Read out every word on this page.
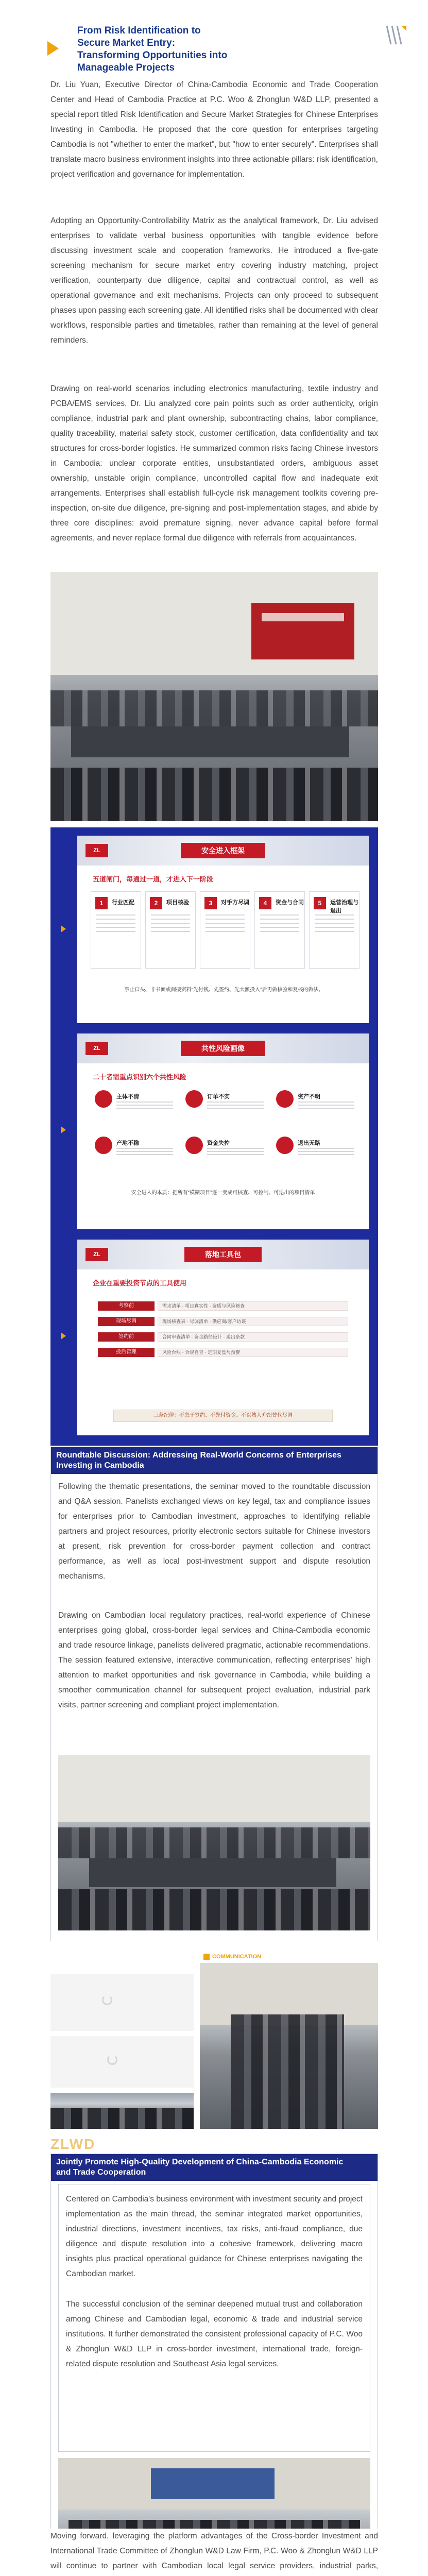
From Risk Identification to
Secure Market Entry:
Transforming Opportunities into
Manageable Projects
Dr. Liu Yuan, Executive Director of China-Cambodia Economic and Trade Cooperation Center and Head of Cambodia Practice at P.C. Woo & Zhonglun W&D LLP, presented a special report titled Risk Identification and Secure Market Strategies for Chinese Enterprises Investing in Cambodia. He proposed that the core question for enterprises targeting Cambodia is not "whether to enter the market", but "how to enter securely". Enterprises shall translate macro business environment insights into three actionable pillars: risk identification, project verification and governance for implementation.
Adopting an Opportunity-Controllability Matrix as the analytical framework, Dr. Liu advised enterprises to validate verbal business opportunities with tangible evidence before discussing investment scale and cooperation frameworks. He introduced a five-gate screening mechanism for secure market entry covering industry matching, project verification, counterparty due diligence, capital and contractual control, as well as operational governance and exit mechanisms. Projects can only proceed to subsequent phases upon passing each screening gate. All identified risks shall be documented with clear workflows, responsible parties and timetables, rather than remaining at the level of general reminders.
Drawing on real-world scenarios including electronics manufacturing, textile industry and PCBA/EMS services, Dr. Liu analyzed core pain points such as order authenticity, origin compliance, industrial park and plant ownership, subcontracting chains, labor compliance, quality traceability, material safety stock, customer certification, data confidentiality and tax structures for cross-border logistics. He summarized common risks facing Chinese investors in Cambodia: unclear corporate entities, unsubstantiated orders, ambiguous asset ownership, unstable origin compliance, uncontrolled capital flow and inadequate exit arrangements. Enterprises shall establish full-cycle risk management toolkits covering pre-inspection, on-site due diligence, pre-signing and post-implementation stages, and abide by three core disciplines: avoid premature signing, never advance capital before formal agreements, and never replace formal due diligence with referrals from acquaintances.
ZL	安全进入框架
五道闸门，每通过一道，才进入下一阶段
1	行业匹配	2	项目核验	3	对手方尽调	4	资金与合同	5	运营治理与退出
禁止口头、非书面或间接资料“先付钱、先签约、先大额投入”后再做核验和复核的做法。
ZL	共性风险画像
二十者需重点识别六个共性风险
主体不清	订单不实	资产不明
产地不稳	资金失控	退出无路
安全进入的本质：把所有“模糊项目”逐一变成可核查、可控制、可退出的项目清单
ZL	落地工具包
企业在重要投资节点的工具使用
考察前	需求清单 · 项目真实性 · 资质与风险筛查
现场尽调	现场核查表 · 尽调清单 · 供应商/客户访谈
签约前	合同审查清单 · 资金路径设计 · 退出条款
投后管理	风险台账 · 合规自查 · 定期复盘与预警
三条纪律：不急于签约、不先付资金、不以熟人介绍替代尽调
Roundtable Discussion: Addressing Real-World Concerns of Enterprises
Investing in Cambodia
Following the thematic presentations, the seminar moved to the roundtable discussion and Q&A session. Panelists exchanged views on key legal, tax and compliance issues for enterprises prior to Cambodian investment, approaches to identifying reliable partners and project resources, priority electronic sectors suitable for Chinese investors at present, risk prevention for cross-border payment collection and contract performance, as well as local post-investment support and dispute resolution mechanisms.
Drawing on Cambodian local regulatory practices, real-world experience of Chinese enterprises going global, cross-border legal services and China-Cambodia economic and trade resource linkage, panelists delivered pragmatic, actionable recommendations. The session featured extensive, interactive communication, reflecting enterprises' high attention to market opportunities and risk governance in Cambodia, while building a smoother communication channel for subsequent project evaluation, industrial park visits, partner screening and compliant project implementation.
COMMUNICATION
ZLWD
Jointly Promote High-Quality Development of China-Cambodia Economic
and Trade Cooperation
Centered on Cambodia's business environment with investment security and project implementation as the main thread, the seminar integrated market opportunities, industrial directions, investment incentives, tax risks, anti-fraud compliance, due diligence and dispute resolution into a cohesive framework, delivering macro insights plus practical operational guidance for Chinese enterprises navigating the Cambodian market.
The successful conclusion of the seminar deepened mutual trust and collaboration among Chinese and Cambodian legal, economic & trade and industrial service institutions. It further demonstrated the consistent professional capacity of P.C. Woo & Zhonglun W&D LLP in cross-border investment, international trade, foreign-related dispute resolution and Southeast Asia legal services.
Moving forward, leveraging the platform advantages of the Cross-border Investment and International Trade Committee of Zhonglun W&D Law Firm, P.C. Woo & Zhonglun W&D LLP will continue to partner with Cambodian local legal service providers, industrial parks,
